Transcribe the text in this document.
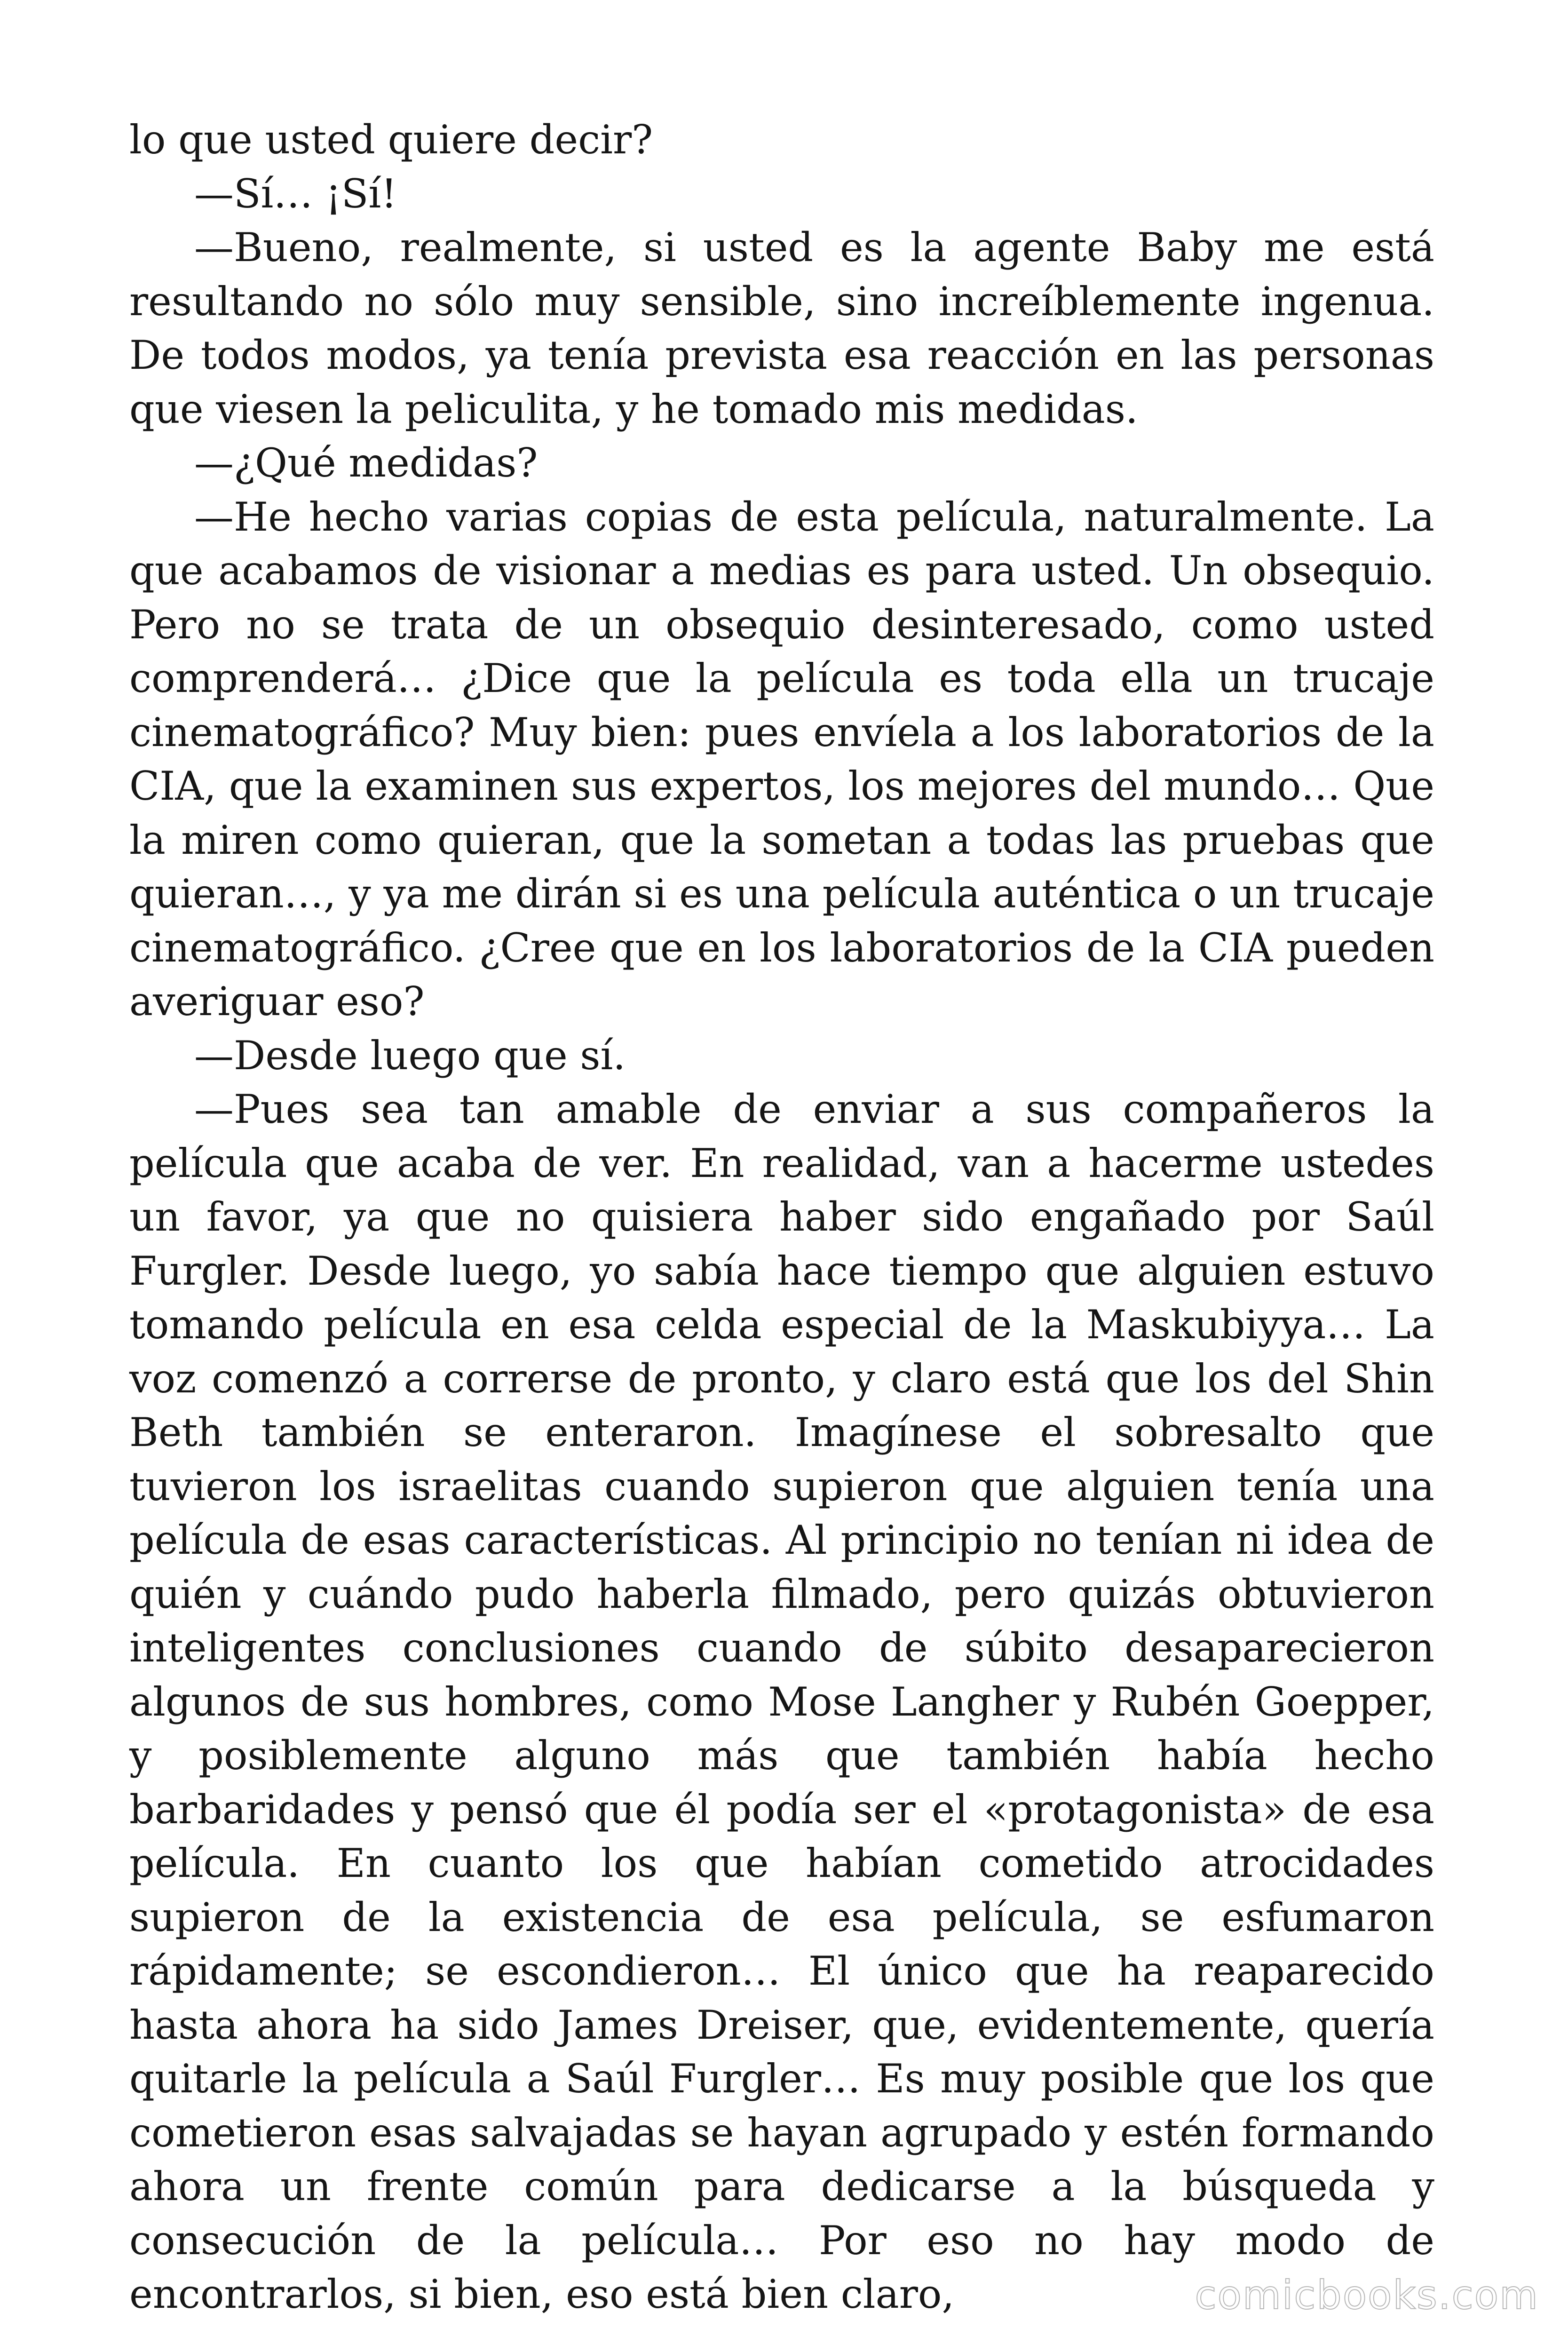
lo que usted quiere decir?

—Sí… ¡Sí!

—Bueno, realmente, si usted es la agente Baby me está resultando no sólo muy sensible, sino increíblemente ingenua. De todos modos, ya tenía prevista esa reacción en las personas que viesen la peliculita, y he tomado mis medidas.

—¿Qué medidas?

—He hecho varias copias de esta película, naturalmente. La que acabamos de visionar a medias es para usted. Un obsequio. Pero no se trata de un obsequio desinteresado, como usted comprenderá… ¿Dice que la película es toda ella un trucaje cinematográfico? Muy bien: pues envíela a los laboratorios de la CIA, que la examinen sus expertos, los mejores del mundo… Que la miren como quieran, que la sometan a todas las pruebas que quieran…, y ya me dirán si es una película auténtica o un trucaje cinematográfico. ¿Cree que en los laboratorios de la CIA pueden averiguar eso?

—Desde luego que sí.

—Pues sea tan amable de enviar a sus compañeros la película que acaba de ver. En realidad, van a hacerme ustedes un favor, ya que no quisiera haber sido engañado por Saúl Furgler. Desde luego, yo sabía hace tiempo que alguien estuvo tomando película en esa celda especial de la Maskubiyya… La voz comenzó a correrse de pronto, y claro está que los del Shin Beth también se enteraron. Imagínese el sobresalto que tuvieron los israelitas cuando supieron que alguien tenía una película de esas características. Al principio no tenían ni idea de quién y cuándo pudo haberla filmado, pero quizás obtuvieron inteligentes conclusiones cuando de súbito desaparecieron algunos de sus hombres, como Mose Langher y Rubén Goepper, y posiblemente alguno más que también había hecho barbaridades y pensó que él podía ser el «protagonista» de esa película. En cuanto los que habían cometido atrocidades supieron de la existencia de esa película, se esfumaron rápidamente; se escondieron… El único que ha reaparecido hasta ahora ha sido James Dreiser, que, evidentemente, quería quitarle la película a Saúl Furgler… Es muy posible que los que cometieron esas salvajadas se hayan agrupado y estén formando ahora un frente común para dedicarse a la búsqueda y consecución de la película… Por eso no hay modo de encontrarlos, si bien, eso está bien claro,	comicbooks.com
